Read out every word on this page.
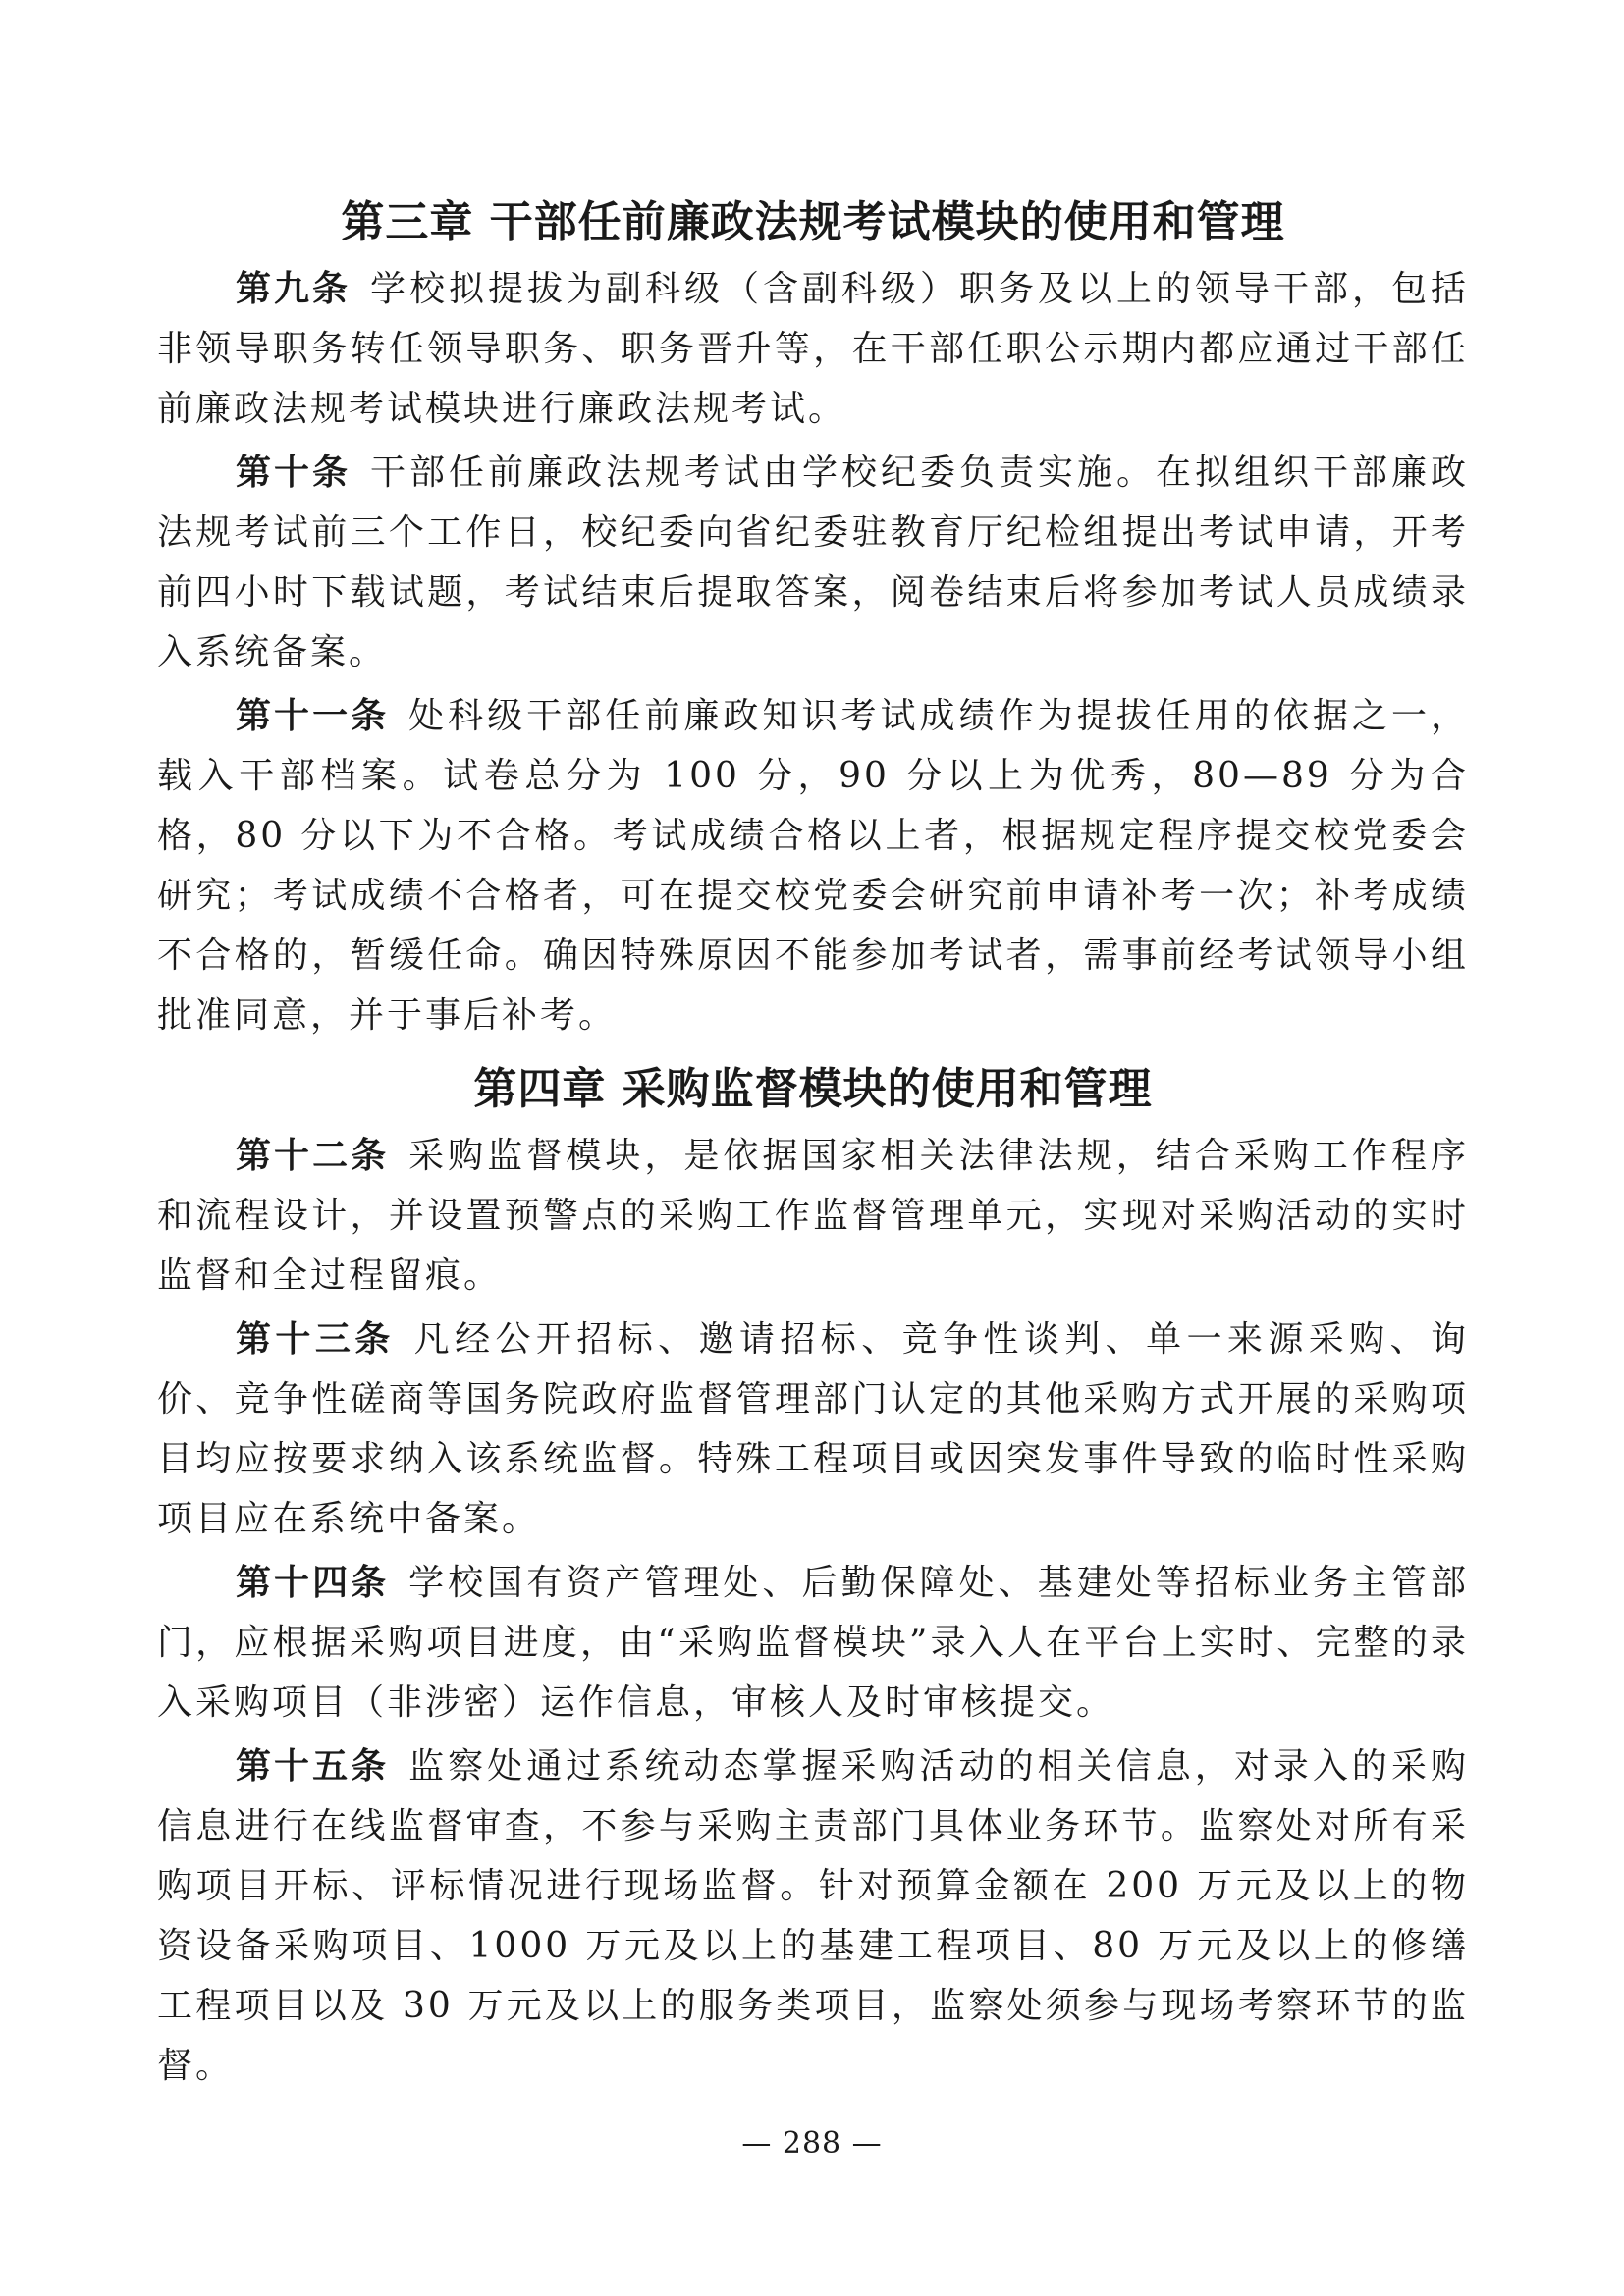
第三章 干部任前廉政法规考试模块的使用和管理

第九条 学校拟提拔为副科级（含副科级）职务及以上的领导干部，包括非领导职务转任领导职务、职务晋升等，在干部任职公示期内都应通过干部任前廉政法规考试模块进行廉政法规考试。

第十条 干部任前廉政法规考试由学校纪委负责实施。在拟组织干部廉政法规考试前三个工作日，校纪委向省纪委驻教育厅纪检组提出考试申请，开考前四小时下载试题，考试结束后提取答案，阅卷结束后将参加考试人员成绩录入系统备案。

第十一条 处科级干部任前廉政知识考试成绩作为提拔任用的依据之一，载入干部档案。试卷总分为 100 分，90 分以上为优秀，80—89 分为合格，80 分以下为不合格。考试成绩合格以上者，根据规定程序提交校党委会研究；考试成绩不合格者，可在提交校党委会研究前申请补考一次；补考成绩不合格的，暂缓任命。确因特殊原因不能参加考试者，需事前经考试领导小组批准同意，并于事后补考。

第四章 采购监督模块的使用和管理

第十二条 采购监督模块，是依据国家相关法律法规，结合采购工作程序和流程设计，并设置预警点的采购工作监督管理单元，实现对采购活动的实时监督和全过程留痕。

第十三条 凡经公开招标、邀请招标、竞争性谈判、单一来源采购、询价、竞争性磋商等国务院政府监督管理部门认定的其他采购方式开展的采购项目均应按要求纳入该系统监督。特殊工程项目或因突发事件导致的临时性采购项目应在系统中备案。

第十四条 学校国有资产管理处、后勤保障处、基建处等招标业务主管部门，应根据采购项目进度，由“采购监督模块”录入人在平台上实时、完整的录入采购项目（非涉密）运作信息，审核人及时审核提交。

第十五条 监察处通过系统动态掌握采购活动的相关信息，对录入的采购信息进行在线监督审查，不参与采购主责部门具体业务环节。监察处对所有采购项目开标、评标情况进行现场监督。针对预算金额在 200 万元及以上的物资设备采购项目、1000 万元及以上的基建工程项目、80 万元及以上的修缮工程项目以及 30 万元及以上的服务类项目，监察处须参与现场考察环节的监督。

— 288 —
